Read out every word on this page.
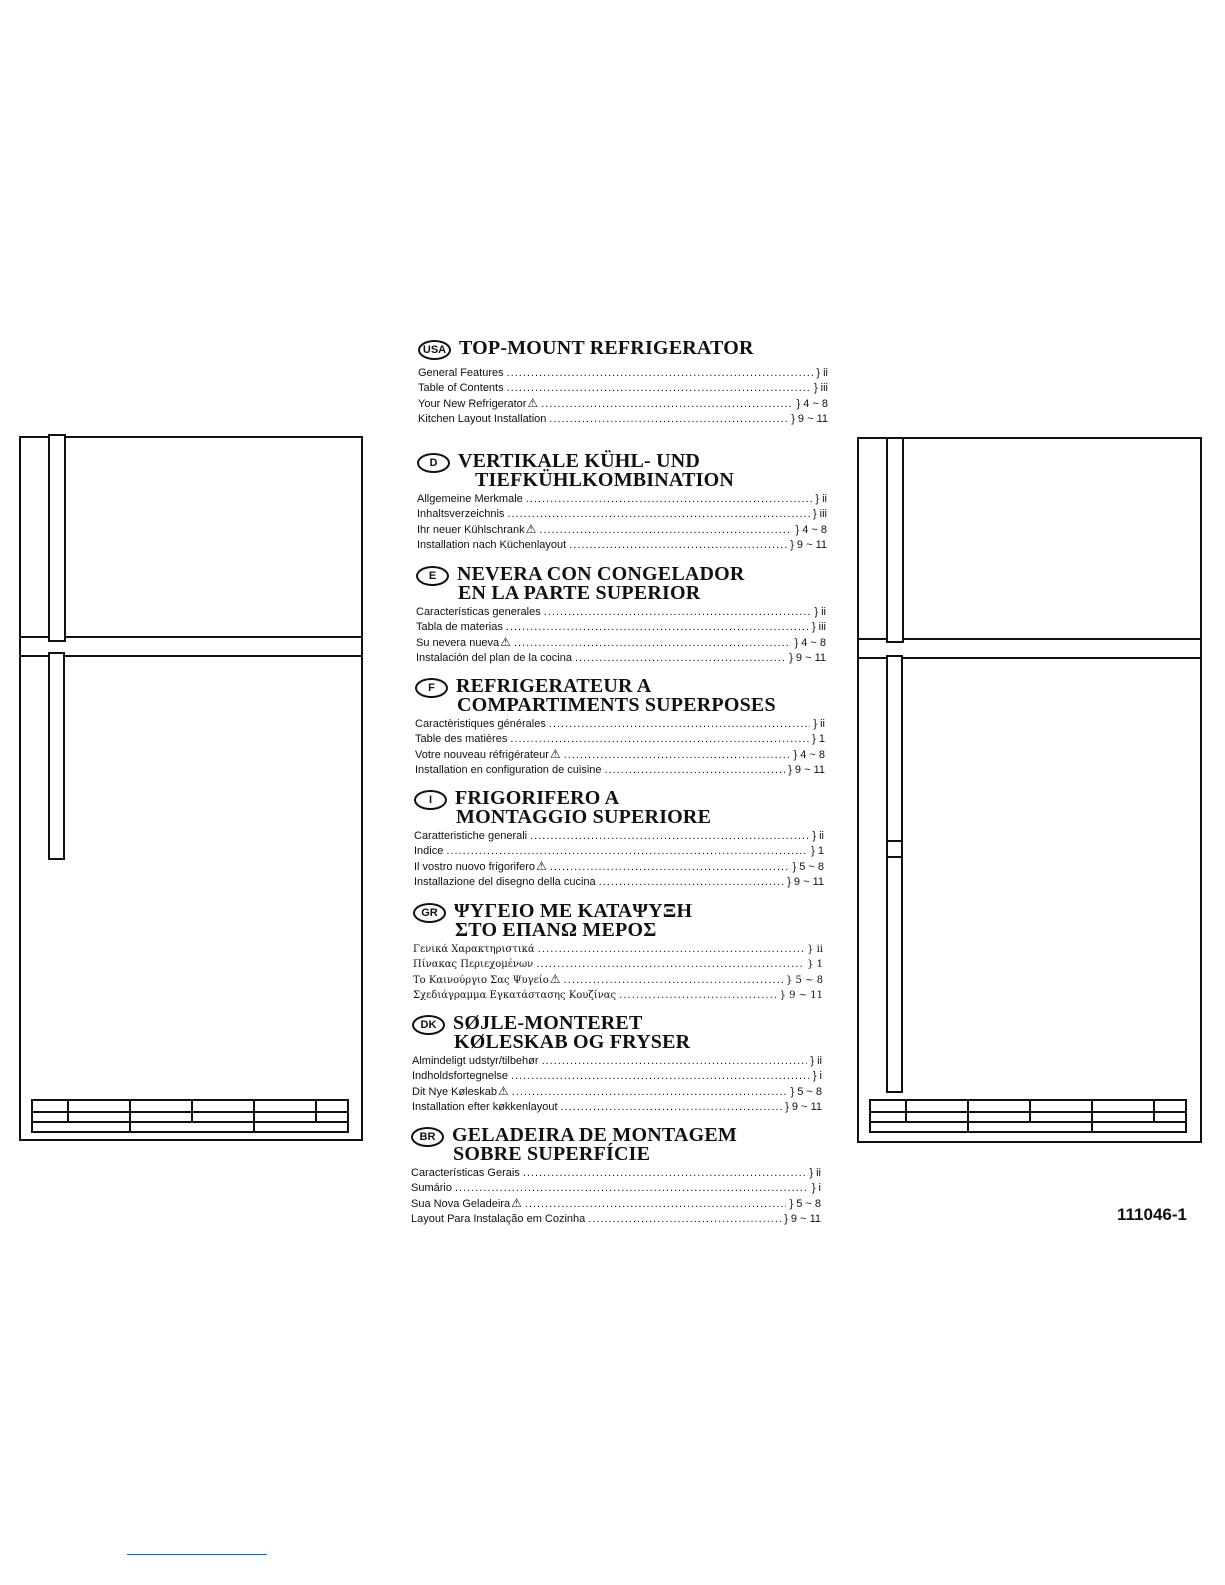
USA TOP-MOUNT REFRIGERATOR
General Features .....	} ii
Table of Contents .....	} iii
Your New Refrigerator ⚠ .....	} 4 ~ 8
Kitchen Layout Installation .....	} 9 ~ 11
D	VERTIKALE KÜHL- UND
TIEFKÜHLKOMBINATION
Allgemeine Merkmale .....	} ii
Inhaltsverzeichnis .....	} iii
Ihr neuer Kühlschrank ⚠ .....	} 4 ~ 8
Installation nach Küchenlayout .....	} 9 ~ 11
E	NEVERA CON CONGELADOR
EN LA PARTE SUPERIOR
Características generales .....	} ii
Tabla de materias .....	} iii
Su nevera nueva ⚠ .....	} 4 ~ 8
Instalación del plan de la cocina .....	} 9 ~ 11
F	REFRIGERATEUR A
COMPARTIMENTS SUPERPOSES
Caractèristiques générales .....	} ii
Table des matières .....	} 1
Votre nouveau réfrigérateur ⚠ .....	} 4 ~ 8
Installation en configuration de cuisine .....	} 9 ~ 11
I	FRIGORIFERO A
MONTAGGIO SUPERIORE
Caratteristiche generali .....	} ii
Indice .....	} 1
Il vostro nuovo frigorifero ⚠ .....	} 5 ~ 8
Installazione del disegno della cucina .....	} 9 ~ 11
GR ΨΥΓΕΙΟ ΜΕ ΚΑΤΑΨΥΞΗ
ΣΤΟ ΕΠΑΝΩ ΜΕΡΟΣ
Γενικά Χαρακτηριστικά .....	} ii
Πίνακας Περιεχομένων .....	} 1
Το Καινούργιο Σας Ψυγείο ⚠ .....	} 5 ~ 8
Σχεδιάγραμμα Εγκατάστασης Κουζίνας .....	} 9 ~ 11
DK SØJLE-MONTERET
KØLESKAB OG FRYSER
Almindeligt udstyr/tilbehør .....	} ii
Indholdsfortegnelse .....	} i
Dit Nye Køleskab ⚠ .....	} 5 ~ 8
Installation efter køkkenlayout .....	} 9 ~ 11
BR GELADEIRA DE MONTAGEM
SOBRE SUPERFÍCIE
Características Gerais .....	} ii
Sumário .....	} i
Sua Nova Geladeira ⚠ .....	} 5 ~ 8
Layout Para Instalação em Cozinha .....	} 9 ~ 11	111046-1
